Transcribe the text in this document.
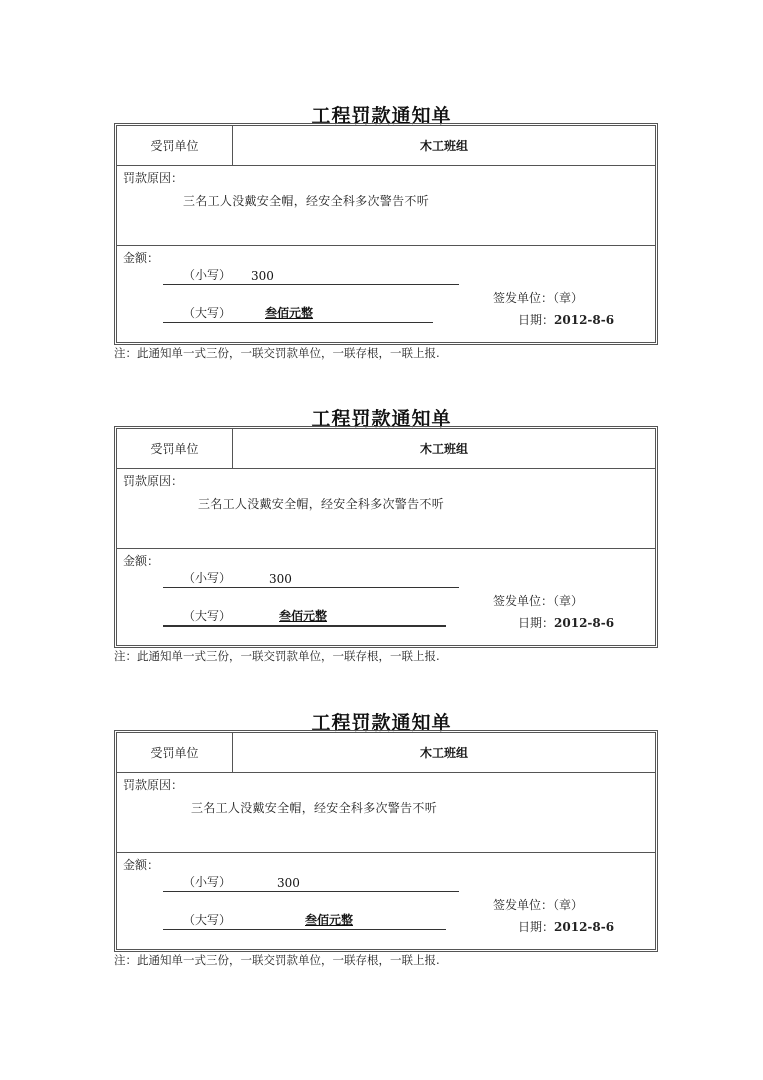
工程罚款通知单
受罚单位	木工班组
罚款原因：
三名工人没戴安全帽，经安全科多次警告不听
金额：
（小写） 300
（大写）	叁佰元整
签发单位：（章）
日期：2012-8-6
注：此通知单一式三份，一联交罚款单位，一联存根，一联上报.
工程罚款通知单
受罚单位	木工班组
罚款原因：
三名工人没戴安全帽，经安全科多次警告不听
金额：
（小写）	300
（大写）	叁佰元整
签发单位：（章）
日期：2012-8-6
注：此通知单一式三份，一联交罚款单位，一联存根，一联上报.
工程罚款通知单
受罚单位	木工班组
罚款原因：
三名工人没戴安全帽，经安全科多次警告不听
金额：
（小写）	300
（大写）	叁佰元整
签发单位：（章）
日期：2012-8-6
注：此通知单一式三份，一联交罚款单位，一联存根，一联上报.
